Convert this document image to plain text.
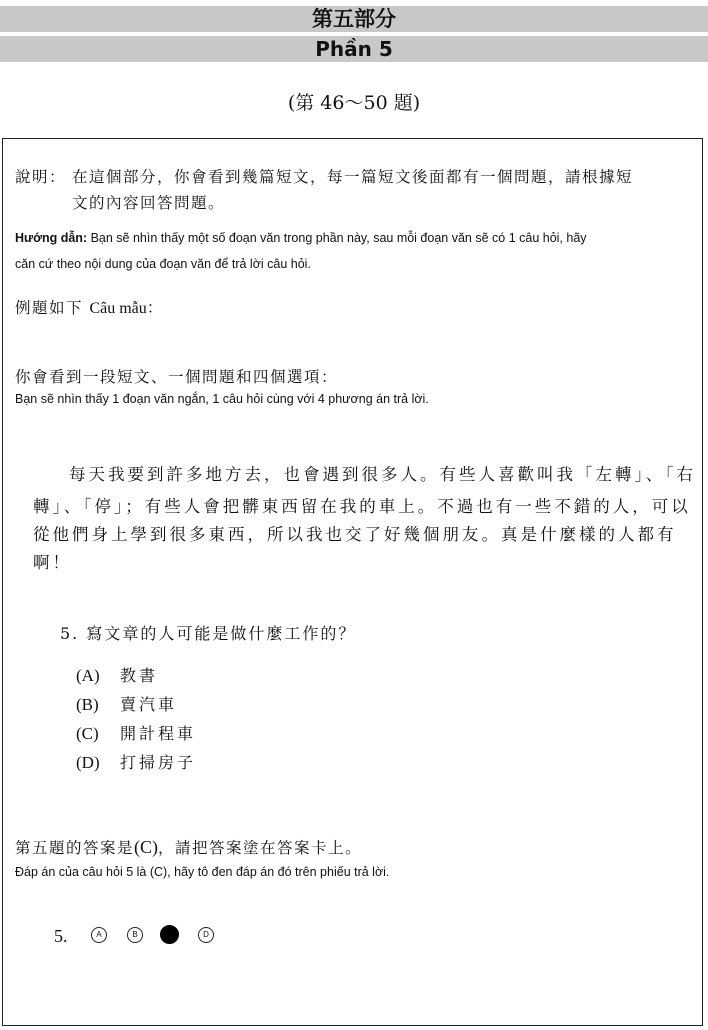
第五部分
Phần 5
(第 46～50 題)
說明： 在這個部分，你會看到幾篇短文，每一篇短文後面都有一個問題，請根據短
文的內容回答問題。
Hướng dẫn: Bạn sẽ nhìn thấy một số đoạn văn trong phần này, sau mỗi đoạn văn sẽ có 1 câu hỏi, hãy
căn cứ theo nội dung của đoạn văn để trả lời câu hỏi.
例題如下 Câu mẫu：
你會看到一段短文、一個問題和四個選項：
Bạn sẽ nhìn thấy 1 đoạn văn ngắn, 1 câu hỏi cùng với 4 phương án trả lời.
每天我要到許多地方去，也會遇到很多人。有些人喜歡叫我「左轉」、「右
轉」、「停」；有些人會把髒東西留在我的車上。不過也有一些不錯的人，可以
從他們身上學到很多東西，所以我也交了好幾個朋友。真是什麼樣的人都有
啊！
5. 寫文章的人可能是做什麼工作的？
(A) 教書
(B) 賣汽車
(C) 開計程車
(D) 打掃房子
第五題的答案是(C)，請把答案塗在答案卡上。
Đáp án của câu hỏi 5 là (C), hãy tô đen đáp án đó trên phiếu trả lời.
5.	A	B	D
